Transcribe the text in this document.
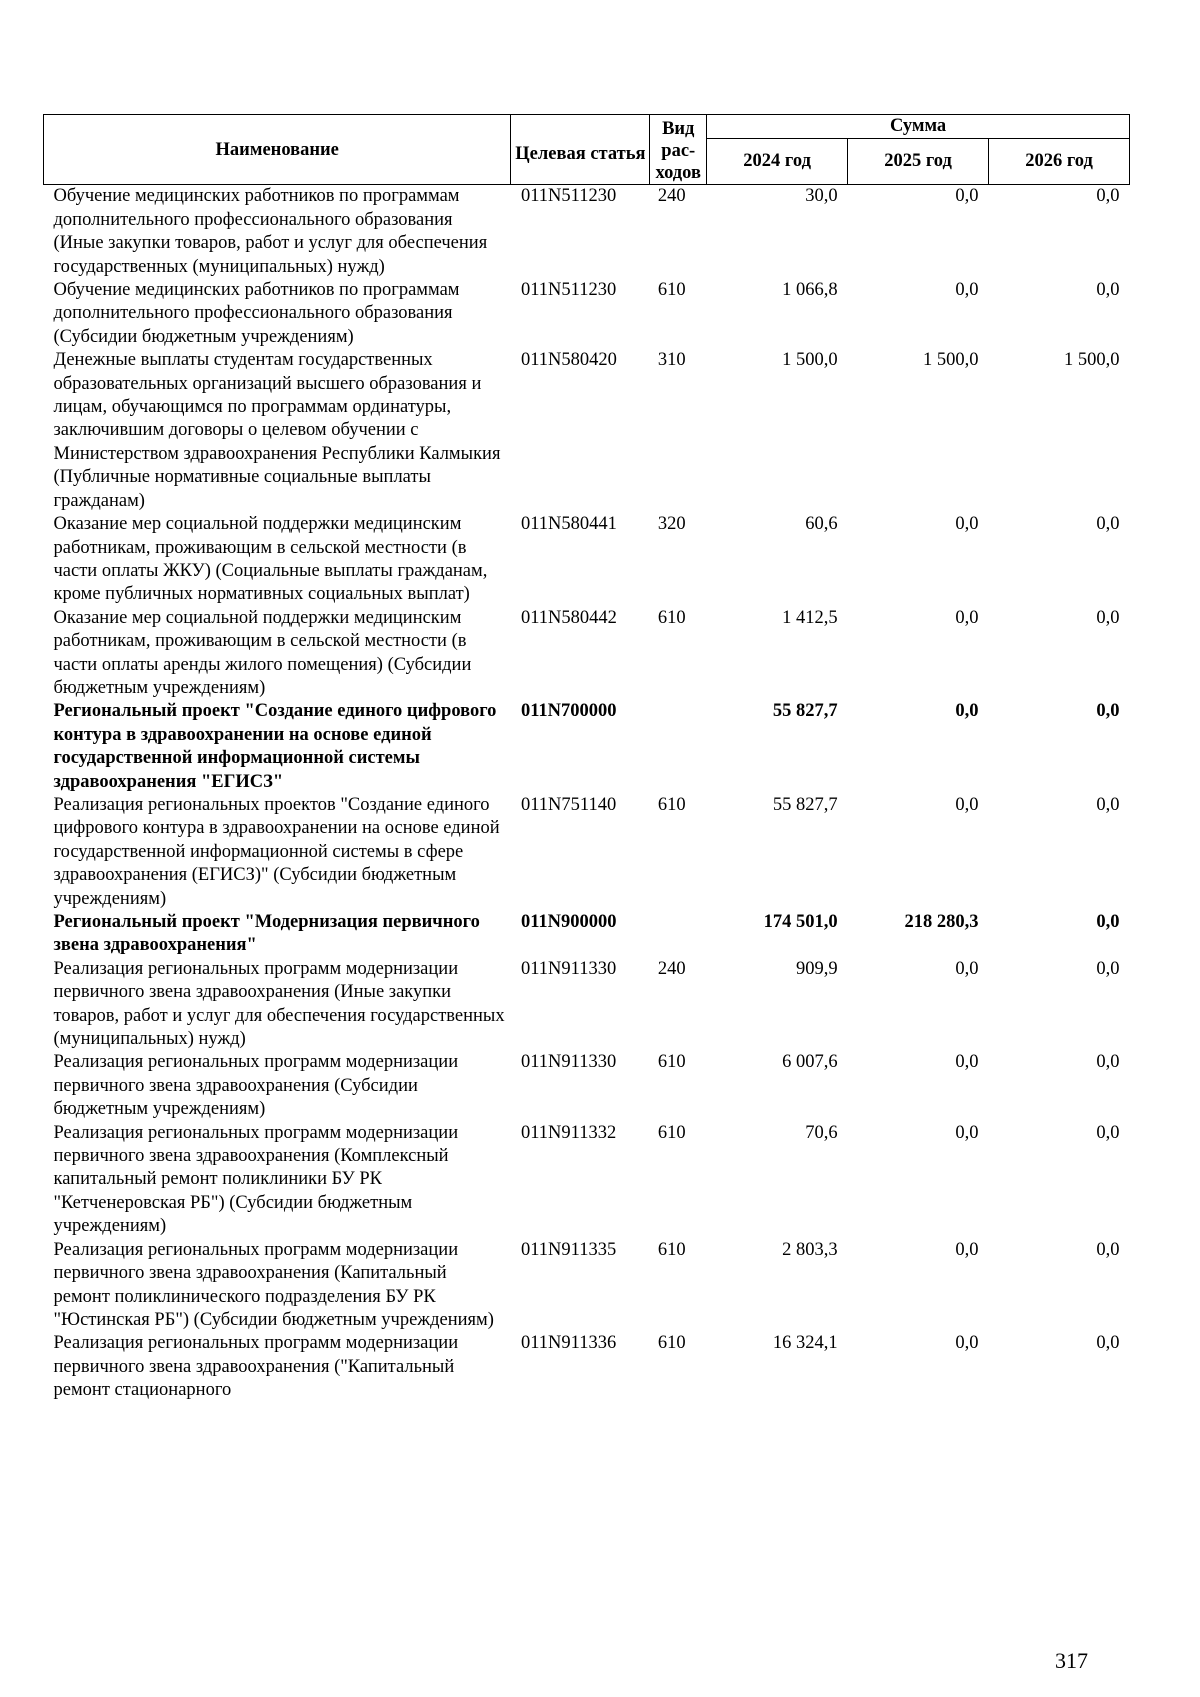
Наименование	Целевая статья	Вид рас-ходов	Сумма		
			2024 год	2025 год	2026 год
Обучение медицинских работников по программам дополнительного профессионального образования (Иные закупки товаров, работ и услуг для обеспечения государственных (муниципальных) нужд)	011N511230	240	30,0	0,0	0,0
Обучение медицинских работников по программам дополнительного профессионального образования (Субсидии бюджетным учреждениям)	011N511230	610	1 066,8	0,0	0,0
Денежные выплаты студентам государственных образовательных организаций высшего образования и лицам, обучающимся по программам ординатуры, заключившим договоры о целевом обучении с Министерством здравоохранения Республики Калмыкия (Публичные нормативные социальные выплаты гражданам)	011N580420	310	1 500,0	1 500,0	1 500,0
Оказание мер социальной поддержки медицинским работникам, проживающим в сельской местности (в части оплаты ЖКУ) (Социальные выплаты гражданам, кроме публичных нормативных социальных выплат)	011N580441	320	60,6	0,0	0,0
Оказание мер социальной поддержки медицинским работникам, проживающим в сельской местности (в части оплаты аренды жилого помещения) (Субсидии бюджетным учреждениям)	011N580442	610	1 412,5	0,0	0,0
Региональный проект "Создание единого цифрового контура в здравоохранении на основе единой государственной информационной системы здравоохранения "ЕГИСЗ"	011N700000		55 827,7	0,0	0,0
Реализация региональных проектов "Создание единого цифрового контура в здравоохранении на основе единой государственной информационной системы в сфере здравоохранения (ЕГИСЗ)" (Субсидии бюджетным учреждениям)	011N751140	610	55 827,7	0,0	0,0
Региональный проект "Модернизация первичного звена здравоохранения"	011N900000		174 501,0	218 280,3	0,0
Реализация региональных программ модернизации первичного звена здравоохранения (Иные закупки товаров, работ и услуг для обеспечения государственных (муниципальных) нужд)	011N911330	240	909,9	0,0	0,0
Реализация региональных программ модернизации первичного звена здравоохранения (Субсидии бюджетным учреждениям)	011N911330	610	6 007,6	0,0	0,0
Реализация региональных программ модернизации первичного звена здравоохранения (Комплексный капитальный ремонт поликлиники БУ РК "Кетченеровская РБ") (Субсидии бюджетным учреждениям)	011N911332	610	70,6	0,0	0,0
Реализация региональных программ модернизации первичного звена здравоохранения (Капитальный ремонт поликлинического подразделения БУ РК "Юстинская РБ") (Субсидии бюджетным учреждениям)	011N911335	610	2 803,3	0,0	0,0
Реализация региональных программ модернизации первичного звена здравоохранения ("Капитальный ремонт стационарного	011N911336	610	16 324,1	0,0	0,0
317
